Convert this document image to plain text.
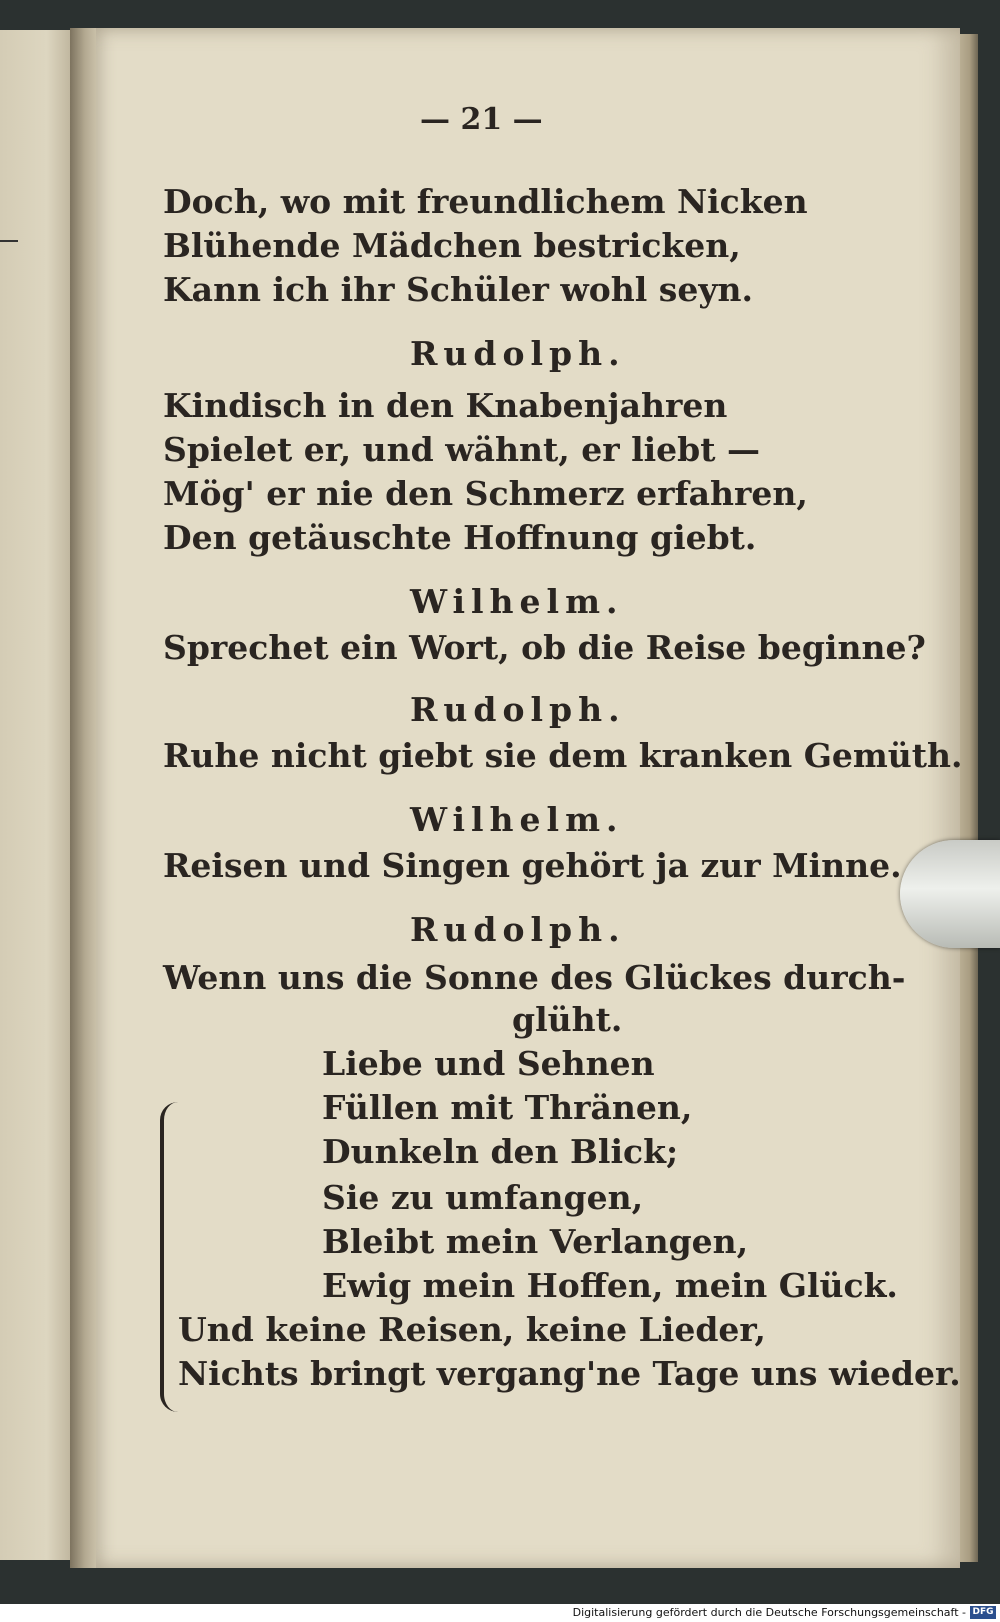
— 21 —
Doch, wo mit freundlichem Nicken
Blühende Mädchen bestricken,
Kann ich ihr Schüler wohl seyn.
Rudolph.
Kindisch in den Knabenjahren
Spielet er, und wähnt, er liebt —
Mög' er nie den Schmerz erfahren,
Den getäuschte Hoffnung giebt.
Wilhelm.
Sprechet ein Wort, ob die Reise beginne?
Rudolph.
Ruhe nicht giebt sie dem kranken Gemüth.
Wilhelm.
Reisen und Singen gehört ja zur Minne.
Rudolph.
Wenn uns die Sonne des Glückes durch-
glüht.
Liebe und Sehnen
Füllen mit Thränen,
Dunkeln den Blick;
Sie zu umfangen,
Bleibt mein Verlangen,
Ewig mein Hoffen, mein Glück.
Und keine Reisen, keine Lieder,
Nichts bringt vergang'ne Tage uns wieder.
Digitalisierung gefördert durch die Deutsche Forschungsgemeinschaft - DFG
